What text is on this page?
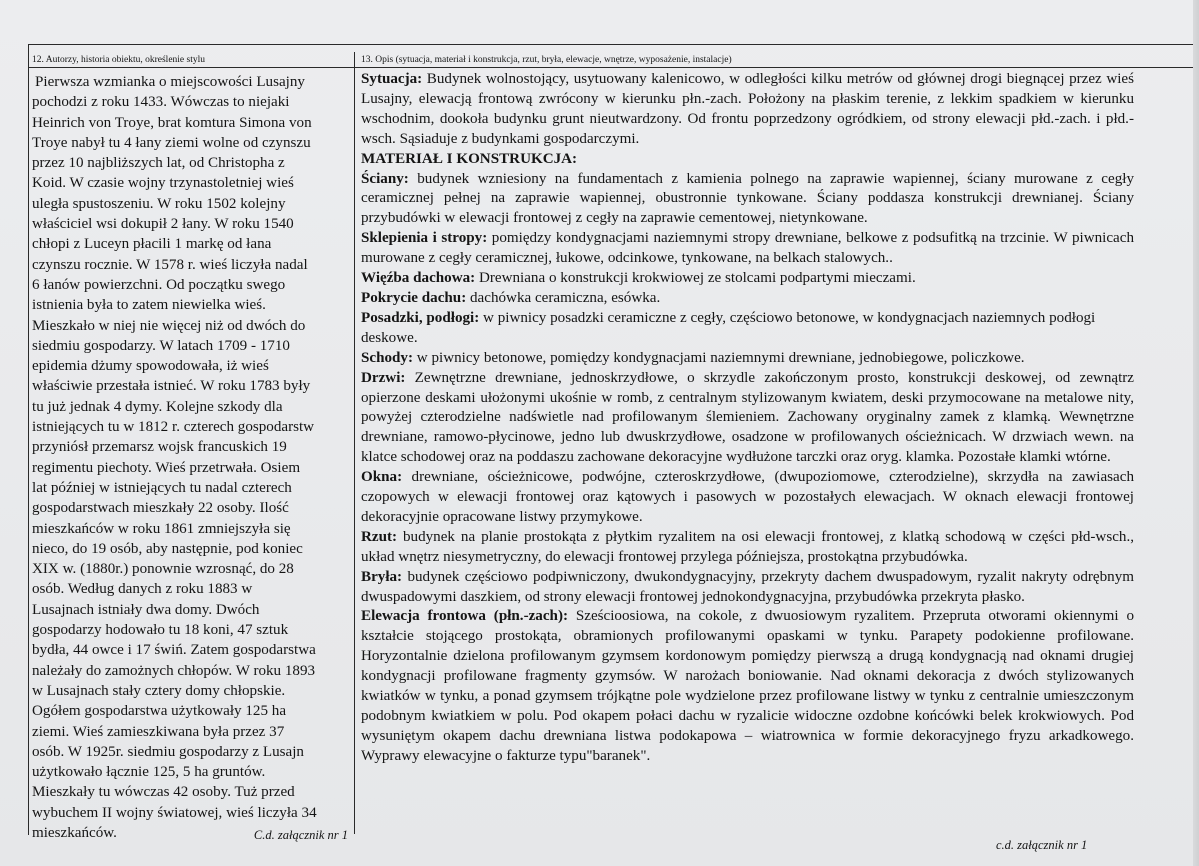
12. Autorzy, historia obiektu, określenie stylu
Pierwsza wzmianka o miejscowości Lusajny
pochodzi z roku 1433. Wówczas to niejaki
Heinrich von Troye, brat komtura Simona von
Troye nabył tu 4 łany ziemi wolne od czynszu
przez 10 najbliższych lat, od Christopha z
Koid. W czasie wojny trzynastoletniej wieś
uległa spustoszeniu. W roku 1502 kolejny
właściciel wsi dokupił 2 łany. W roku 1540
chłopi z Luceyn płacili 1 markę od łana
czynszu rocznie. W 1578 r. wieś liczyła nadal
6 łanów powierzchni. Od początku swego
istnienia była to zatem niewielka wieś.
Mieszkało w niej nie więcej niż od dwóch do
siedmiu gospodarzy. W latach 1709 - 1710
epidemia dżumy spowodowała, iż wieś
właściwie przestała istnieć. W roku 1783 były
tu już jednak 4 dymy. Kolejne szkody dla
istniejących tu w 1812 r. czterech gospodarstw
przyniósł przemarsz wojsk francuskich 19
regimentu piechoty. Wieś przetrwała. Osiem
lat później w istniejących tu nadal czterech
gospodarstwach mieszkały 22 osoby. Ilość
mieszkańców w roku 1861 zmniejszyła się
nieco, do 19 osób, aby następnie, pod koniec
XIX w. (1880r.) ponownie wzrosnąć, do 28
osób. Według danych z roku 1883 w
Lusajnach istniały dwa domy. Dwóch
gospodarzy hodowało tu 18 koni, 47 sztuk
bydła, 44 owce i 17 świń. Zatem gospodarstwa
należały do zamożnych chłopów. W roku 1893
w Lusajnach stały cztery domy chłopskie.
Ogółem gospodarstwa użytkowały 125 ha
ziemi. Wieś zamieszkiwana była przez 37
osób. W 1925r. siedmiu gospodarzy z Lusajn
użytkowało łącznie 125, 5 ha gruntów.
Mieszkały tu wówczas 42 osoby. Tuż przed
wybuchem II wojny światowej, wieś liczyła 34
mieszkańców.	C.d. załącznik nr 1
13. Opis (sytuacja, materiał i konstrukcja, rzut, bryła, elewacje, wnętrze, wyposażenie, instalacje)

Sytuacja: Budynek wolnostojący, usytuowany kalenicowo, w odległości kilku metrów od głównej drogi biegnącej przez wieś Lusajny, elewacją frontową zwrócony w kierunku płn.-zach. Położony na płaskim terenie, z lekkim spadkiem w kierunku wschodnim, dookoła budynku grunt nieutwardzony. Od frontu poprzedzony ogródkiem, od strony elewacji płd.-zach. i płd.-wsch. Sąsiaduje z budynkami gospodarczymi.

MATERIAŁ I KONSTRUKCJA:

Ściany: budynek wzniesiony na fundamentach z kamienia polnego na zaprawie wapiennej, ściany murowane z cegły ceramicznej pełnej na zaprawie wapiennej, obustronnie tynkowane. Ściany poddasza konstrukcji drewnianej. Ściany przybudówki w elewacji frontowej z cegły na zaprawie cementowej, nietynkowane.

Sklepienia i stropy: pomiędzy kondygnacjami naziemnymi stropy drewniane, belkowe z podsufitką na trzcinie. W piwnicach murowane z cegły ceramicznej, łukowe, odcinkowe, tynkowane, na belkach stalowych..

Więźba dachowa: Drewniana o konstrukcji krokwiowej ze stolcami podpartymi mieczami.

Pokrycie dachu: dachówka ceramiczna, esówka.

Posadzki, podłogi: w piwnicy posadzki ceramiczne z cegły, częściowo betonowe, w kondygnacjach naziemnych podłogi deskowe.

Schody: w piwnicy betonowe, pomiędzy kondygnacjami naziemnymi drewniane, jednobiegowe, policzkowe.

Drzwi: Zewnętrzne drewniane, jednoskrzydłowe, o skrzydle zakończonym prosto, konstrukcji deskowej, od zewnątrz opierzone deskami ułożonymi ukośnie w romb, z centralnym stylizowanym kwiatem, deski przymocowane na metalowe nity, powyżej czterodzielne nadświetle nad profilowanym ślemieniem. Zachowany oryginalny zamek z klamką. Wewnętrzne drewniane, ramowo-płycinowe, jedno lub dwuskrzydłowe, osadzone w profilowanych ościeżnicach. W drzwiach wewn. na klatce schodowej oraz na poddaszu zachowane dekoracyjne wydłużone tarczki oraz oryg. klamka. Pozostałe klamki wtórne.

Okna: drewniane, ościeżnicowe, podwójne, czteroskrzydłowe, (dwupoziomowe, czterodzielne), skrzydła na zawiasach czopowych w elewacji frontowej oraz kątowych i pasowych w pozostałych elewacjach. W oknach elewacji frontowej dekoracyjnie opracowane listwy przymykowe.

Rzut: budynek na planie prostokąta z płytkim ryzalitem na osi elewacji frontowej, z klatką schodową w części płd-wsch., układ wnętrz niesymetryczny, do elewacji frontowej przylega późniejsza, prostokątna przybudówka.

Bryła: budynek częściowo podpiwniczony, dwukondygnacyjny, przekryty dachem dwuspadowym, ryzalit nakryty odrębnym dwuspadowymi daszkiem, od strony elewacji frontowej jednokondygnacyjna, przybudówka przekryta płasko.

Elewacja frontowa (płn.-zach): Sześcioosiowa, na cokole, z dwuosiowym ryzalitem. Przepruta otworami okiennymi o kształcie stojącego prostokąta, obramionych profilowanymi opaskami w tynku. Parapety podokienne profilowane. Horyzontalnie dzielona profilowanym gzymsem kordonowym pomiędzy pierwszą a drugą kondygnacją nad oknami drugiej kondygnacji profilowane fragmenty gzymsów. W narożach boniowanie. Nad oknami dekoracja z dwóch stylizowanych kwiatków w tynku, a ponad gzymsem trójkątne pole wydzielone przez profilowane listwy w tynku z centralnie umieszczonym podobnym kwiatkiem w polu. Pod okapem połaci dachu w ryzalicie widoczne ozdobne końcówki belek krokwiowych. Pod wysuniętym okapem dachu drewniana listwa podokapowa – wiatrownica w formie dekoracyjnego fryzu arkadkowego. Wyprawy elewacyjne o fakturze typu"baranek".

c.d. załącznik nr 1
